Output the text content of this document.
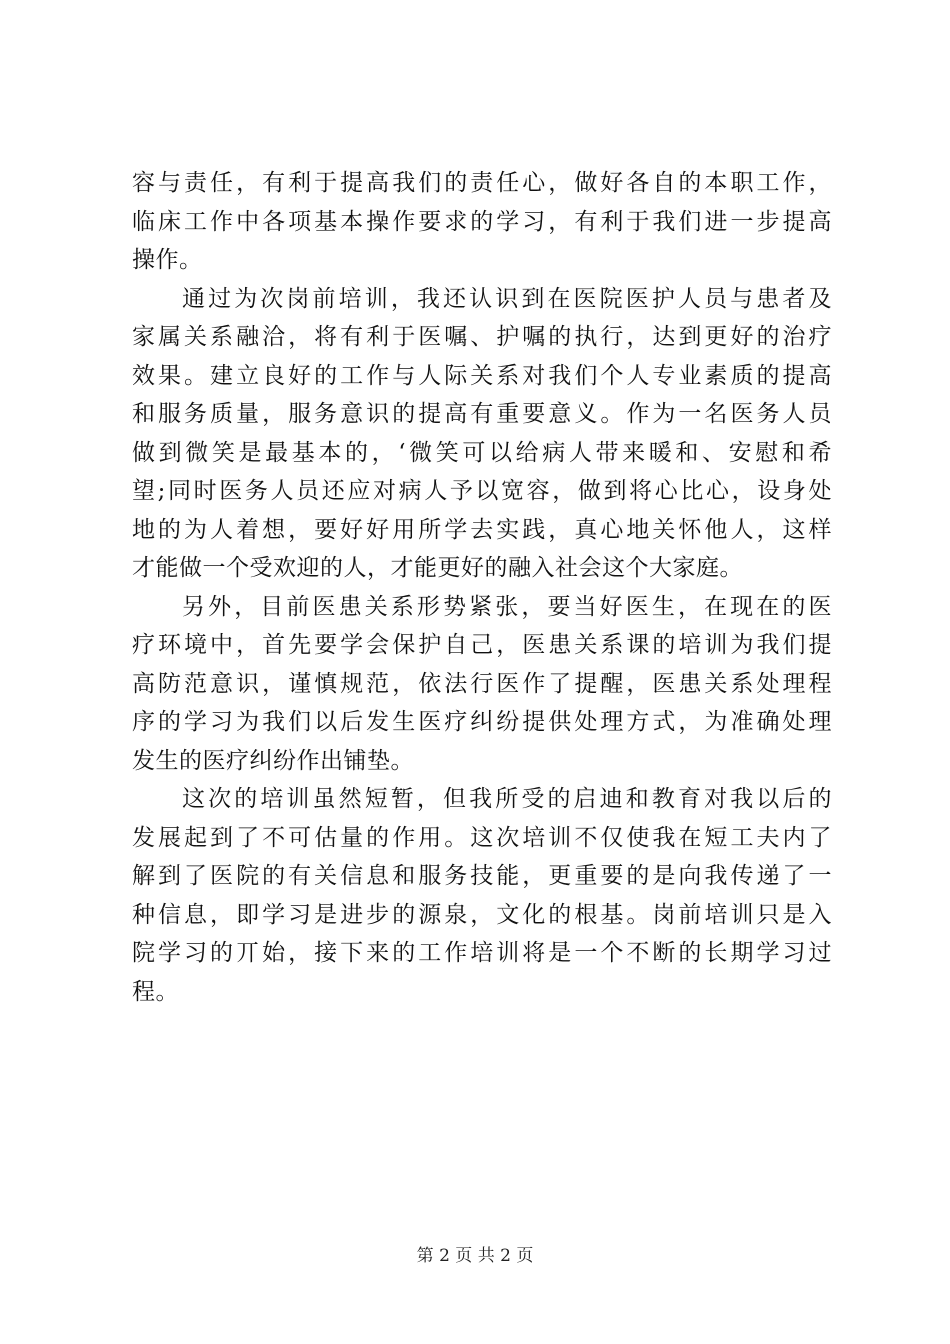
容与责任，有利于提高我们的责任心，做好各自的本职工作，
临床工作中各项基本操作要求的学习，有利于我们进一步提高
操作。
通过为次岗前培训，我还认识到在医院医护人员与患者及
家属关系融洽，将有利于医嘱、护嘱的执行，达到更好的治疗
效果。建立良好的工作与人际关系对我们个人专业素质的提高
和服务质量，服务意识的提高有重要意义。作为一名医务人员
做到微笑是最基本的，‘微笑可以给病人带来暖和、安慰和希
望;同时医务人员还应对病人予以宽容，做到将心比心，设身处
地的为人着想，要好好用所学去实践，真心地关怀他人，这样
才能做一个受欢迎的人，才能更好的融入社会这个大家庭。
另外，目前医患关系形势紧张，要当好医生，在现在的医
疗环境中，首先要学会保护自己，医患关系课的培训为我们提
高防范意识，谨慎规范，依法行医作了提醒，医患关系处理程
序的学习为我们以后发生医疗纠纷提供处理方式，为准确处理
发生的医疗纠纷作出铺垫。
这次的培训虽然短暂，但我所受的启迪和教育对我以后的
发展起到了不可估量的作用。这次培训不仅使我在短工夫内了
解到了医院的有关信息和服务技能，更重要的是向我传递了一
种信息，即学习是进步的源泉，文化的根基。岗前培训只是入
院学习的丌始，接下来的工作培训将是一个不断的长期学习过
程。
第 2 页 共 2 页
